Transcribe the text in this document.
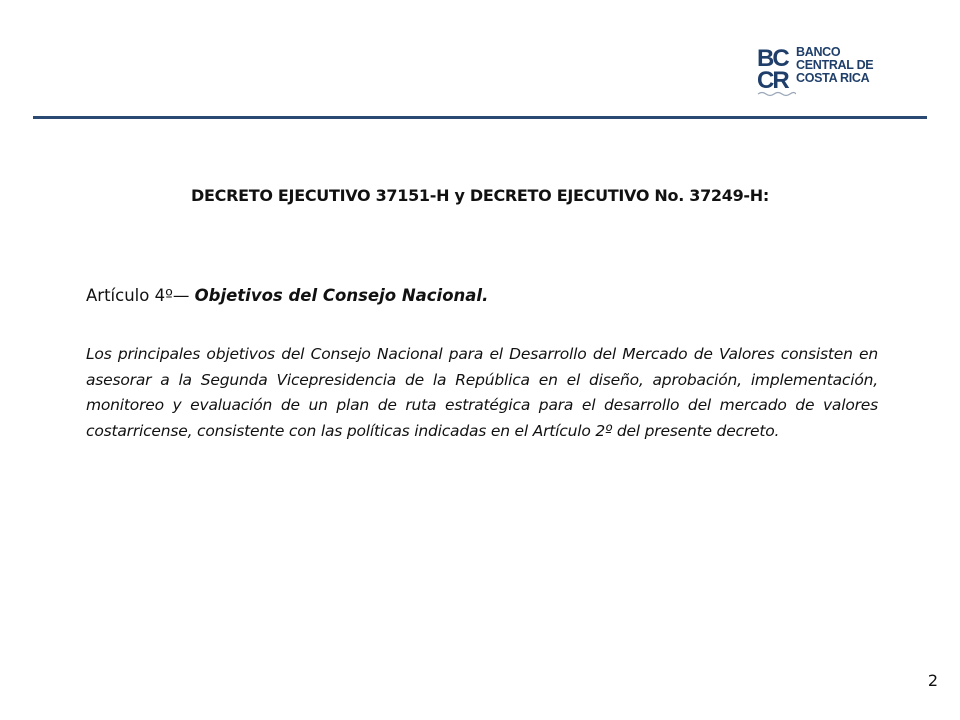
BC
CR
BANCO
CENTRAL DE
COSTA RICA
DECRETO EJECUTIVO 37151-H y DECRETO EJECUTIVO No. 37249-H:
Artículo 4º— Objetivos del Consejo Nacional.
Los principales objetivos del Consejo Nacional para el Desarrollo del Mercado de Valores consisten en asesorar a la Segunda Vicepresidencia de la República en el diseño, aprobación, implementación, monitoreo y evaluación de un plan de ruta estratégica para el desarrollo del mercado de valores costarricense, consistente con las políticas indicadas en el Artículo 2º del presente decreto.
2
